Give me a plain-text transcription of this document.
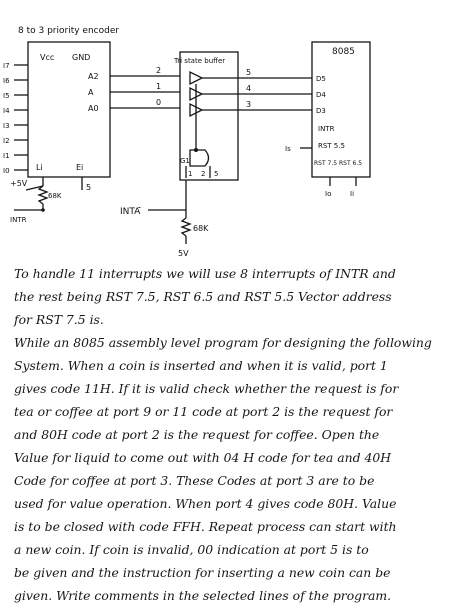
8 to 3 priority encoder
Vcc GND
A2
A
A0
Li	Ei
5
I7
I6
I5
I4
I3
I2
I1
I0
+5V
68K
INTR
Tri state buffer
2
1
0
G1
1 2 5
5
4
3
INTA
68K
5V
8085
D5
D4
D3
INTR
RST 5.5
Is
RST 7.5 RST 6.5
Io	Ii
To handle 11 interrupts we will use 8 interrupts of INTR and
the rest being RST 7.5, RST 6.5 and RST 5.5 Vector address
for RST 7.5 is.
While an 8085 assembly level program for designing the following
System. When a coin is inserted and when it is valid, port 1
gives code 11H. If it is valid check whether the request is for
tea or coffee at port 9 or 11 code at port 2 is the request for
and 80H code at port 2 is the request for coffee. Open the
Value for liquid to come out with 04 H code for tea and 40H
Code for coffee at port 3. These Codes at port 3 are to be
used for value operation. When port 4 gives code 80H. Value
is to be closed with code FFH. Repeat process can start with
a new coin. If coin is invalid, 00 indication at port 5 is to
be given and the instruction for inserting a new coin can be
given. Write comments in the selected lines of the program.
